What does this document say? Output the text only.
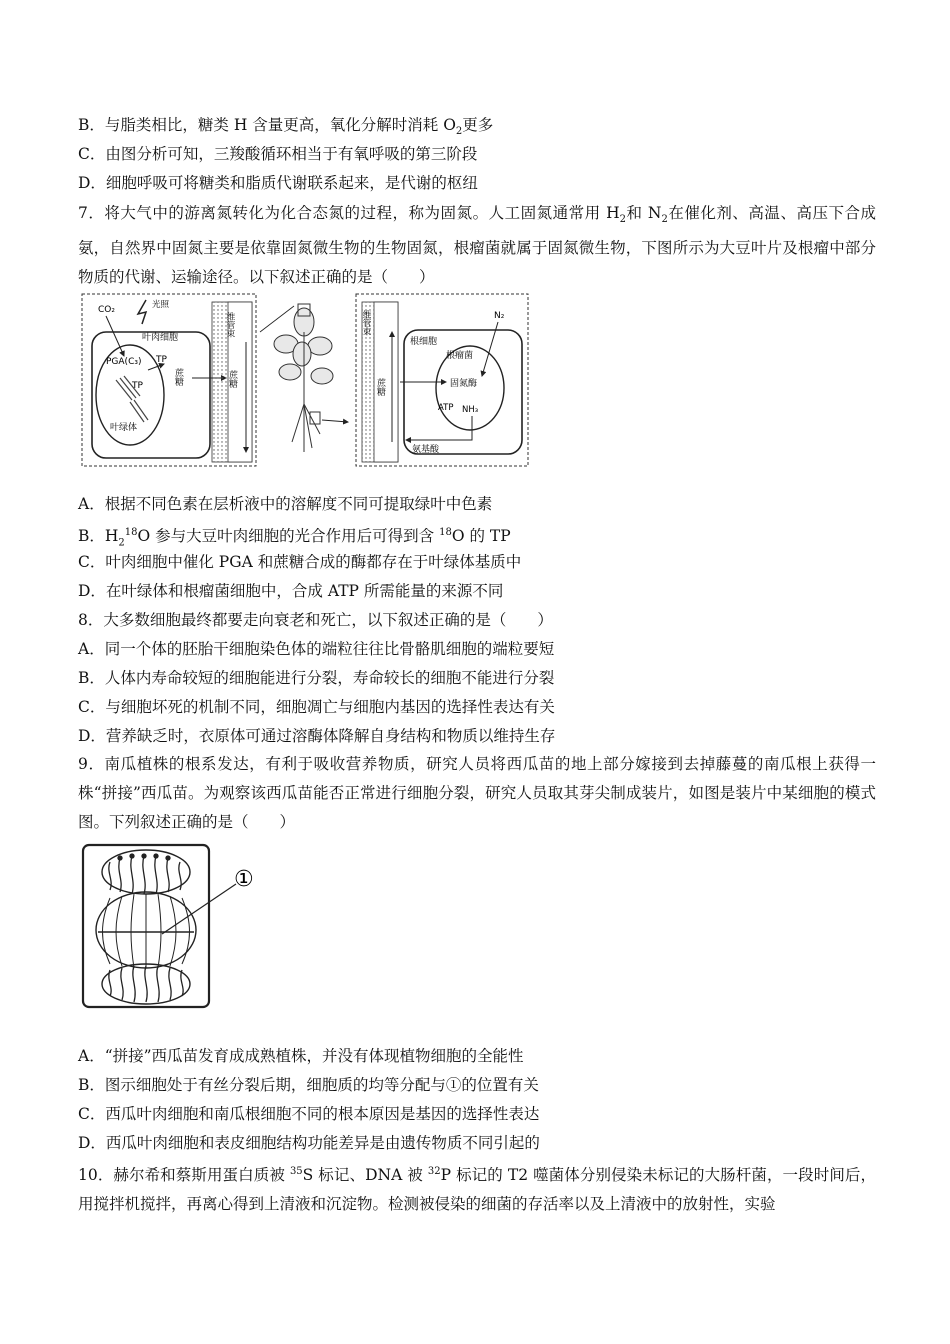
B．与脂类相比，糖类 H 含量更高，氧化分解时消耗 $O_2$更多
C．由图分析可知，三羧酸循环相当于有氧呼吸的第三阶段
D．细胞呼吸可将糖类和脂质代谢联系起来，是代谢的枢纽
7．将大气中的游离氮转化为化合态氮的过程，称为固氮。人工固氮通常用 $H_2$和 $N_2$在催化剂、高温、高压下合成氨，自然界中固氮主要是依靠固氮微生物的生物固氮，根瘤菌就属于固氮微生物，下图所示为大豆叶片及根瘤中部分物质的代谢、运输途径。以下叙述正确的是（　　）
CO₂	光照
叶肉细胞
PGA(C₃)
TP
TP
蔗糖
叶绿体
维管束
蔗糖
维管束
蔗糖
根细胞
N₂
根瘤菌
固氮酶
ATP NH₃
氨基酸
A．根据不同色素在层析液中的溶解度不同可提取绿叶中色素
B．$H_2^{18}O$ 参与大豆叶肉细胞的光合作用后可得到含 $^{18}$O 的 TP
C．叶肉细胞中催化 PGA 和蔗糖合成的酶都存在于叶绿体基质中
D．在叶绿体和根瘤菌细胞中，合成 ATP 所需能量的来源不同
8．大多数细胞最终都要走向衰老和死亡，以下叙述正确的是（　　）
A．同一个体的胚胎干细胞染色体的端粒往往比骨骼肌细胞的端粒要短
B．人体内寿命较短的细胞能进行分裂，寿命较长的细胞不能进行分裂
C．与细胞坏死的机制不同，细胞凋亡与细胞内基因的选择性表达有关
D．营养缺乏时，衣原体可通过溶酶体降解自身结构和物质以维持生存
9．南瓜植株的根系发达，有利于吸收营养物质，研究人员将西瓜苗的地上部分嫁接到去掉藤蔓的南瓜根上获得一株“拼接”西瓜苗。为观察该西瓜苗能否正常进行细胞分裂，研究人员取其芽尖制成装片，如图是装片中某细胞的模式图。下列叙述正确的是（　　）
①
A．“拼接”西瓜苗发育成成熟植株，并没有体现植物细胞的全能性
B．图示细胞处于有丝分裂后期，细胞质的均等分配与①的位置有关
C．西瓜叶肉细胞和南瓜根细胞不同的根本原因是基因的选择性表达
D．西瓜叶肉细胞和表皮细胞结构功能差异是由遗传物质不同引起的
10．赫尔希和蔡斯用蛋白质被 $^{35}$S 标记、DNA 被 $^{32}$P 标记的 T2 噬菌体分别侵染未标记的大肠杆菌，一段时间后，用搅拌机搅拌，再离心得到上清液和沉淀物。检测被侵染的细菌的存活率以及上清液中的放射性，实验
